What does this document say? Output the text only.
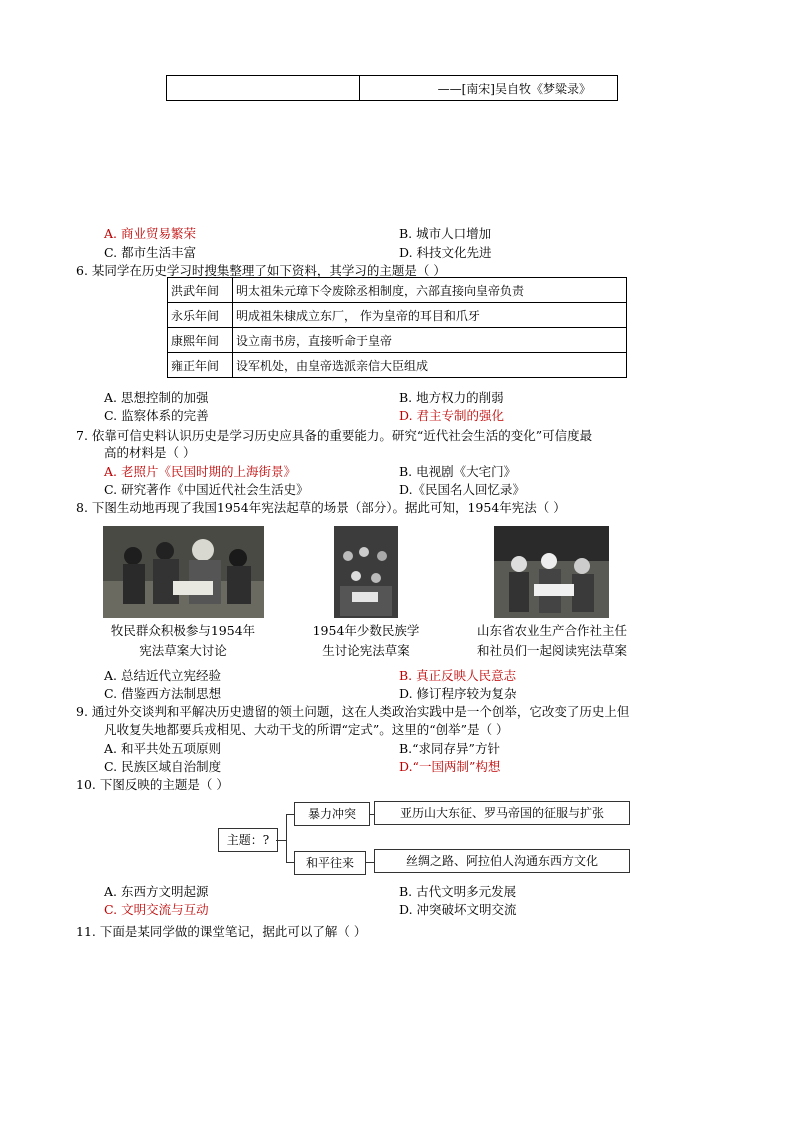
	——[南宋]吴自牧《梦粱录》
A. 商业贸易繁荣	B. 城市人口增加
C. 都市生活丰富	D. 科技文化先进
6. 某同学在历史学习时搜集整理了如下资料，其学习的主题是（ ）
洪武年间	明太祖朱元璋下令废除丞相制度，六部直接向皇帝负责
永乐年间	明成祖朱棣成立东厂， 作为皇帝的耳目和爪牙
康熙年间	设立南书房，直接听命于皇帝
雍正年间	设军机处，由皇帝选派亲信大臣组成
A. 思想控制的加强	B. 地方权力的削弱
C. 监察体系的完善	D. 君主专制的强化
7. 依靠可信史料认识历史是学习历史应具备的重要能力。研究“近代社会生活的变化”可信度最
高的材料是（ ）
A. 老照片《民国时期的上海街景》	B. 电视剧《大宅门》
C. 研究著作《中国近代社会生活史》	D.《民国名人回忆录》
8. 下图生动地再现了我国1954年宪法起草的场景（部分）。据此可知，1954年宪法（ ）
牧民群众积极参与1954年
宪法草案大讨论
1954年少数民族学
生讨论宪法草案
山东省农业生产合作社主任
和社员们一起阅读宪法草案
A. 总结近代立宪经验	B. 真正反映人民意志
C. 借鉴西方法制思想	D. 修订程序较为复杂
9. 通过外交谈判和平解决历史遗留的领土问题，这在人类政治实践中是一个创举，它改变了历史上但
凡收复失地都要兵戎相见、大动干戈的所谓“定式”。这里的“创举”是（ ）
A. 和平共处五项原则	B.“求同存异”方针
C. 民族区域自治制度	D.“一国两制”构想
10. 下图反映的主题是（ ）
主题：?
暴力冲突	亚历山大东征、罗马帝国的征服与扩张
和平往来	丝绸之路、阿拉伯人沟通东西方文化
A. 东西方文明起源	B. 古代文明多元发展
C. 文明交流与互动	D. 冲突破坏文明交流
11. 下面是某同学做的课堂笔记，据此可以了解（ ）
